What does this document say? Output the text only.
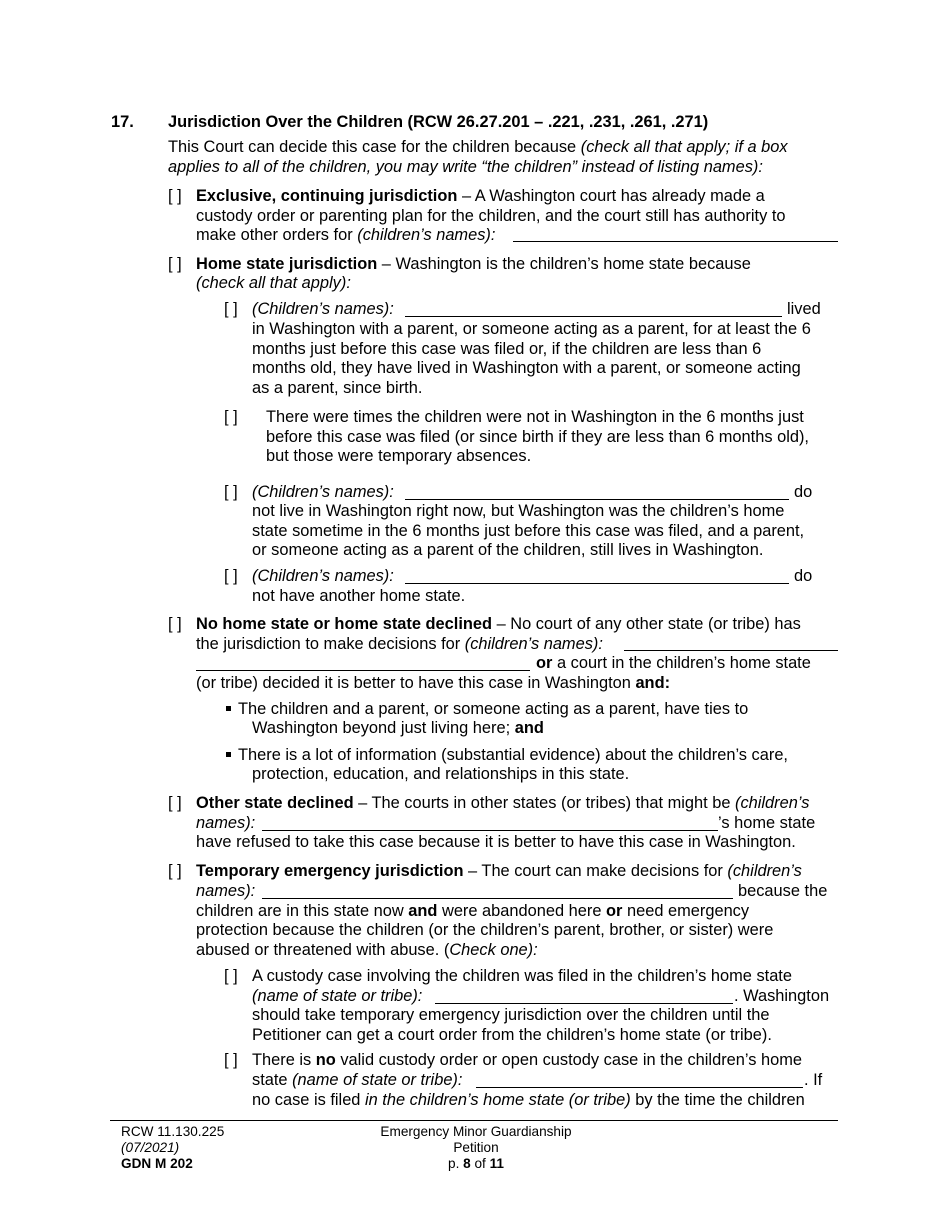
17. Jurisdiction Over the Children (RCW 26.27.201 – .221, .231, .261, .271)
This Court can decide this case for the children because (check all that apply; if a box
applies to all of the children, you may write “the children” instead of listing names):
[ ] Exclusive, continuing jurisdiction – A Washington court has already made a
custody order or parenting plan for the children, and the court still has authority to
make other orders for (children’s names):
[ ] Home state jurisdiction – Washington is the children’s home state because
(check all that apply):
[ ] (Children’s names):	lived
in Washington with a parent, or someone acting as a parent, for at least the 6
months just before this case was filed or, if the children are less than 6
months old, they have lived in Washington with a parent, or someone acting
as a parent, since birth.
[ ] There were times the children were not in Washington in the 6 months just
before this case was filed (or since birth if they are less than 6 months old),
but those were temporary absences.
[ ] (Children’s names):	do
not live in Washington right now, but Washington was the children’s home
state sometime in the 6 months just before this case was filed, and a parent,
or someone acting as a parent of the children, still lives in Washington.
[ ] (Children’s names):	do
not have another home state.
[ ] No home state or home state declined – No court of any other state (or tribe) has
the jurisdiction to make decisions for (children’s names):
or a court in the children’s home state
(or tribe) decided it is better to have this case in Washington and:
The children and a parent, or someone acting as a parent, have ties to
Washington beyond just living here; and
There is a lot of information (substantial evidence) about the children’s care,
protection, education, and relationships in this state.
[ ] Other state declined – The courts in other states (or tribes) that might be (children’s
names):	’s home state
have refused to take this case because it is better to have this case in Washington.
[ ] Temporary emergency jurisdiction – The court can make decisions for (children’s
names):	because the
children are in this state now and were abandoned here or need emergency
protection because the children (or the children’s parent, brother, or sister) were
abused or threatened with abuse. (Check one):
[ ] A custody case involving the children was filed in the children’s home state
(name of state or tribe):	. Washington
should take temporary emergency jurisdiction over the children until the
Petitioner can get a court order from the children’s home state (or tribe).
[ ] There is no valid custody order or open custody case in the children’s home
state (name of state or tribe):	. If
no case is filed in the children’s home state (or tribe) by the time the children
RCW 11.130.225
(07/2021)
GDN M 202
Emergency Minor Guardianship
Petition
p. 8 of 11
